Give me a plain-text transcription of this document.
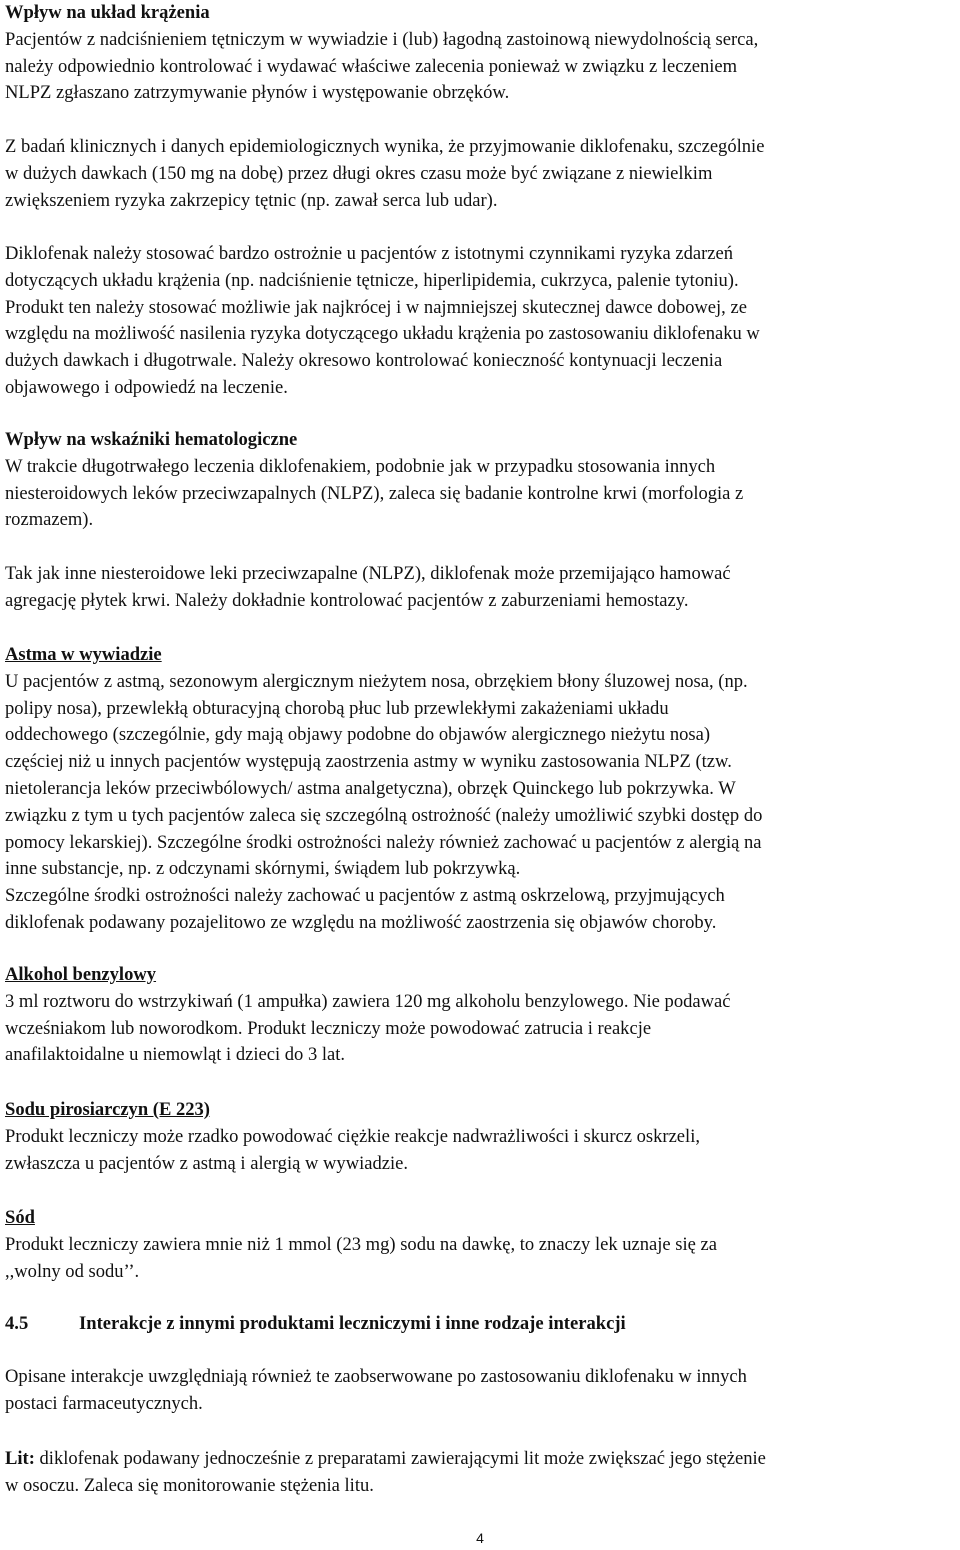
Wpływ na układ krążenia
Pacjentów z nadciśnieniem tętniczym w wywiadzie i (lub) łagodną zastoinową niewydolnością serca,
należy odpowiednio kontrolować i wydawać właściwe zalecenia ponieważ w związku z leczeniem
NLPZ zgłaszano zatrzymywanie płynów i występowanie obrzęków.
Z badań klinicznych i danych epidemiologicznych wynika, że przyjmowanie diklofenaku, szczególnie
w dużych dawkach (150 mg na dobę) przez długi okres czasu może być związane z niewielkim
zwiększeniem ryzyka zakrzepicy tętnic (np. zawał serca lub udar).
Diklofenak należy stosować bardzo ostrożnie u pacjentów z istotnymi czynnikami ryzyka zdarzeń
dotyczących układu krążenia (np. nadciśnienie tętnicze, hiperlipidemia, cukrzyca, palenie tytoniu).
Produkt ten należy stosować możliwie jak najkrócej i w najmniejszej skutecznej dawce dobowej, ze
względu na możliwość nasilenia ryzyka dotyczącego układu krążenia po zastosowaniu diklofenaku w
dużych dawkach i długotrwale. Należy okresowo kontrolować konieczność kontynuacji leczenia
objawowego i odpowiedź na leczenie.
Wpływ na wskaźniki hematologiczne
W trakcie długotrwałego leczenia diklofenakiem, podobnie jak w przypadku stosowania innych
niesteroidowych leków przeciwzapalnych (NLPZ), zaleca się badanie kontrolne krwi (morfologia z
rozmazem).
Tak jak inne niesteroidowe leki przeciwzapalne (NLPZ), diklofenak może przemijająco hamować
agregację płytek krwi. Należy dokładnie kontrolować pacjentów z zaburzeniami hemostazy.
Astma w wywiadzie
U pacjentów z astmą, sezonowym alergicznym nieżytem nosa, obrzękiem błony śluzowej nosa, (np.
polipy nosa), przewlekłą obturacyjną chorobą płuc lub przewlekłymi zakażeniami układu
oddechowego (szczególnie, gdy mają objawy podobne do objawów alergicznego nieżytu nosa)
częściej niż u innych pacjentów występują zaostrzenia astmy w wyniku zastosowania NLPZ (tzw.
nietolerancja leków przeciwbólowych/ astma analgetyczna), obrzęk Quinckego lub pokrzywka. W
związku z tym u tych pacjentów zaleca się szczególną ostrożność (należy umożliwić szybki dostęp do
pomocy lekarskiej). Szczególne środki ostrożności należy również zachować u pacjentów z alergią na
inne substancje, np. z odczynami skórnymi, świądem lub pokrzywką.
Szczególne środki ostrożności należy zachować u pacjentów z astmą oskrzelową, przyjmujących
diklofenak podawany pozajelitowo ze względu na możliwość zaostrzenia się objawów choroby.
Alkohol benzylowy
3 ml roztworu do wstrzykiwań (1 ampułka) zawiera 120 mg alkoholu benzylowego. Nie podawać
wcześniakom lub noworodkom. Produkt leczniczy może powodować zatrucia i reakcje
anafilaktoidalne u niemowląt i dzieci do 3 lat.
Sodu pirosiarczyn (E 223)
Produkt leczniczy może rzadko powodować ciężkie reakcje nadwrażliwości i skurcz oskrzeli,
zwłaszcza u pacjentów z astmą i alergią w wywiadzie.
Sód
Produkt leczniczy zawiera mnie niż 1 mmol (23 mg) sodu na dawkę, to znaczy lek uznaje się za
,,wolny od sodu’’.
4.5	Interakcje z innymi produktami leczniczymi i inne rodzaje interakcji
Opisane interakcje uwzględniają również te zaobserwowane po zastosowaniu diklofenaku w innych
postaci farmaceutycznych.
Lit: diklofenak podawany jednocześnie z preparatami zawierającymi lit może zwiększać jego stężenie
w osoczu. Zaleca się monitorowanie stężenia litu.
4
